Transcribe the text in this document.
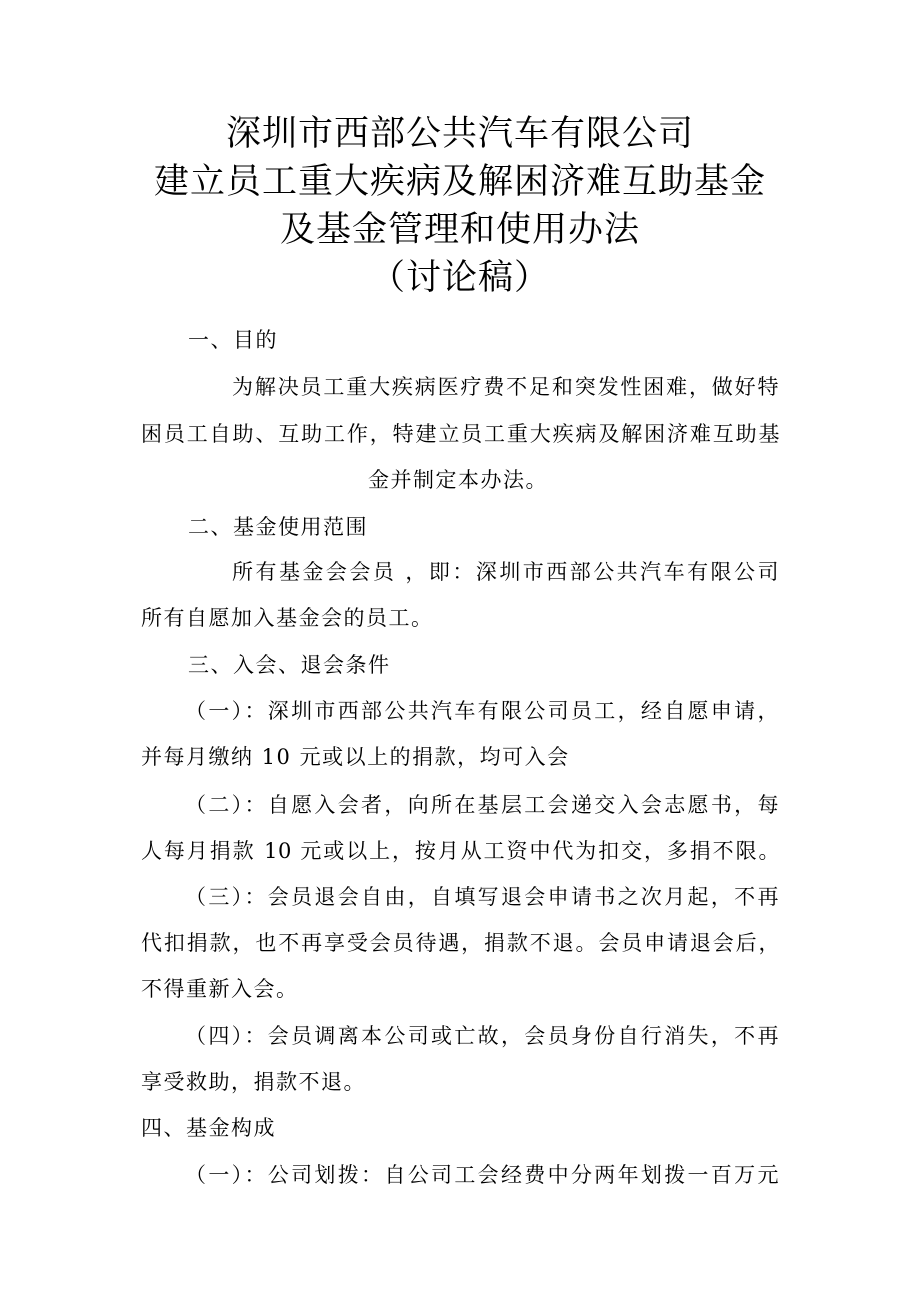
深圳市西部公共汽车有限公司
建立员工重大疾病及解困济难互助基金
及基金管理和使用办法
（讨论稿）
一、目的
为解决员工重大疾病医疗费不足和突发性困难，做好特
困员工自助、互助工作，特建立员工重大疾病及解困济难互助基
金并制定本办法。
二、基金使用范围
所有基金会会员 ，即：深圳市西部公共汽车有限公司
所有自愿加入基金会的员工。
三、入会、退会条件
（一）：深圳市西部公共汽车有限公司员工，经自愿申请，
并每月缴纳 10 元或以上的捐款，均可入会
（二）：自愿入会者，向所在基层工会递交入会志愿书，每
人每月捐款 10 元或以上，按月从工资中代为扣交，多捐不限。
（三）：会员退会自由，自填写退会申请书之次月起，不再
代扣捐款，也不再享受会员待遇，捐款不退。会员申请退会后，
不得重新入会。
（四）：会员调离本公司或亡故，会员身份自行消失，不再
享受救助，捐款不退。
四、基金构成
（一）：公司划拨：自公司工会经费中分两年划拨一百万元
